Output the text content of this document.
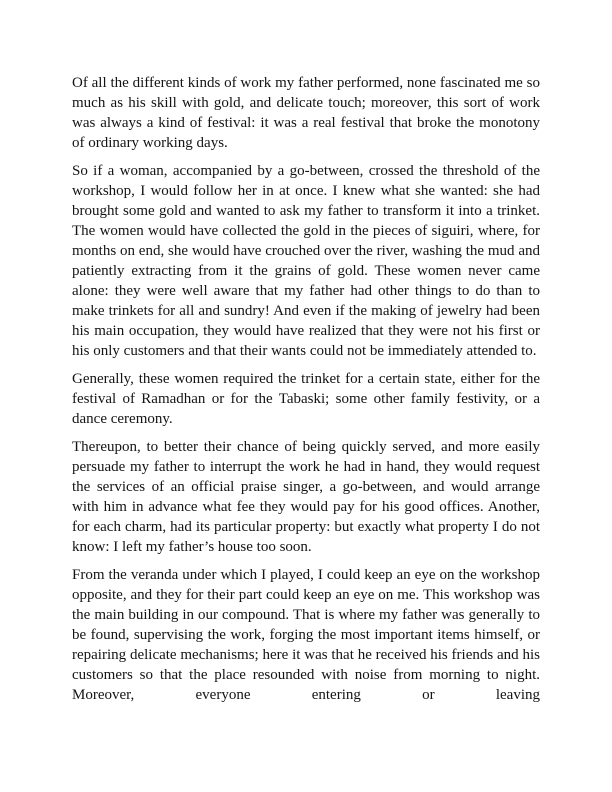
Of all the different kinds of work my father performed, none fascinated me so much as his skill with gold, and delicate touch; moreover, this sort of work was always a kind of festival: it was a real festival that broke the monotony of ordinary working days.

So if a woman, accompanied by a go-between, crossed the threshold of the workshop, I would follow her in at once. I knew what she wanted: she had brought some gold and wanted to ask my father to transform it into a trinket. The women would have collected the gold in the pieces of siguiri, where, for months on end, she would have crouched over the river, washing the mud and patiently extracting from it the grains of gold. These women never came alone: they were well aware that my father had other things to do than to make trinkets for all and sundry! And even if the making of jewelry had been his main occupation, they would have realized that they were not his first or his only customers and that their wants could not be immediately attended to.

Generally, these women required the trinket for a certain state, either for the festival of Ramadhan or for the Tabaski; some other family festivity, or a dance ceremony.

Thereupon, to better their chance of being quickly served, and more easily persuade my father to interrupt the work he had in hand, they would request the services of an official praise singer, a go-between, and would arrange with him in advance what fee they would pay for his good offices. Another, for each charm, had its particular property: but exactly what property I do not know: I left my father’s house too soon.

From the veranda under which I played, I could keep an eye on the workshop opposite, and they for their part could keep an eye on me. This workshop was the main building in our compound. That is where my father was generally to be found, supervising the work, forging the most important items himself, or repairing delicate mechanisms; here it was that he received his friends and his customers so that the place resounded with noise from morning to night. Moreover, everyone entering or leaving
